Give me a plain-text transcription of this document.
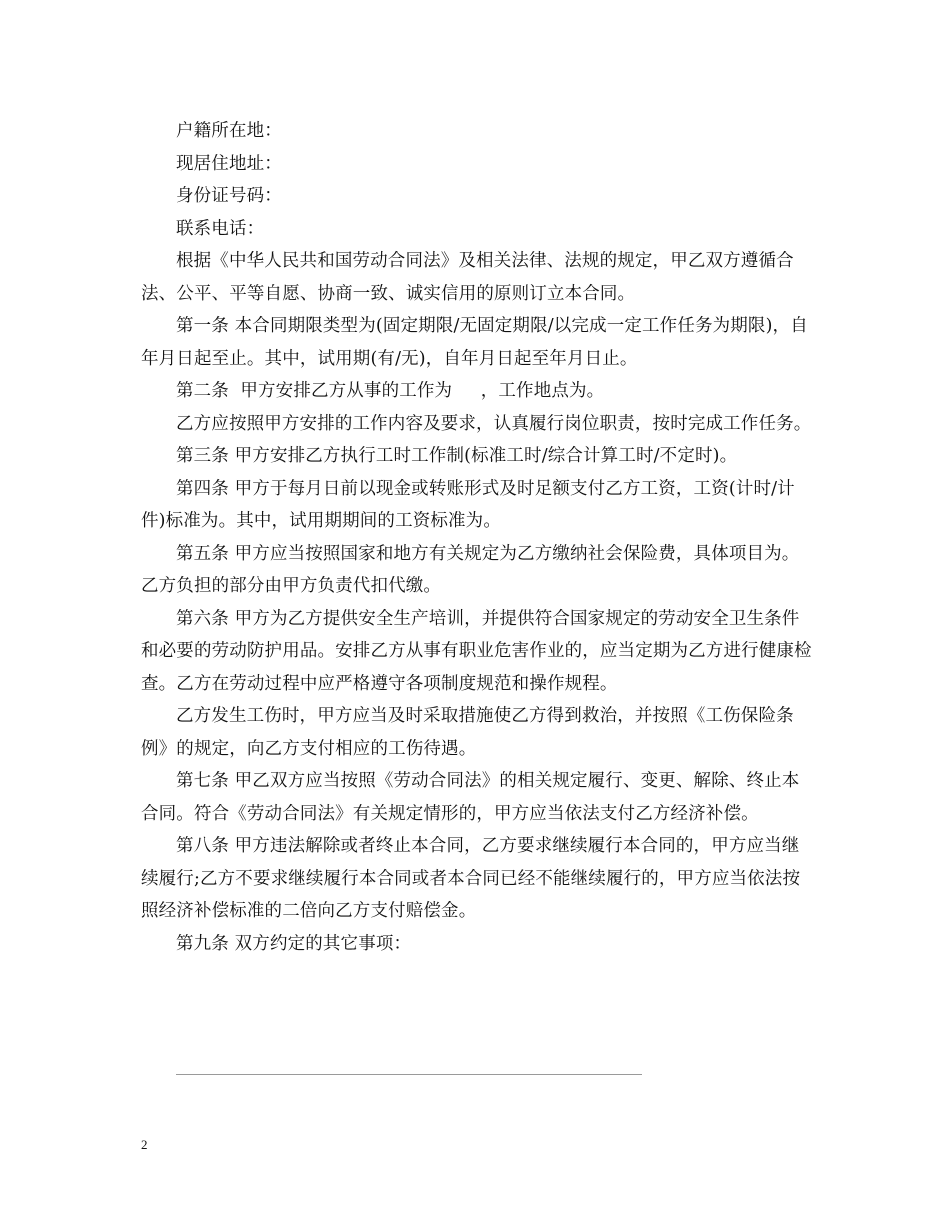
户籍所在地：

现居住地址：

身份证号码：

联系电话：

根据《中华人民共和国劳动合同法》及相关法律、法规的规定，甲乙双方遵循合法、公平、平等自愿、协商一致、诚实信用的原则订立本合同。

第一条 本合同期限类型为(固定期限/无固定期限/以完成一定工作任务为期限)，自年月日起至止。其中，试用期(有/无)，自年月日起至年月日止。

第二条  甲方安排乙方从事的工作为     ，工作地点为。

乙方应按照甲方安排的工作内容及要求，认真履行岗位职责，按时完成工作任务。

第三条 甲方安排乙方执行工时工作制(标准工时/综合计算工时/不定时)。

第四条 甲方于每月日前以现金或转账形式及时足额支付乙方工资，工资(计时/计件)标准为。其中，试用期期间的工资标准为。

第五条 甲方应当按照国家和地方有关规定为乙方缴纳社会保险费，具体项目为。乙方负担的部分由甲方负责代扣代缴。

第六条 甲方为乙方提供安全生产培训，并提供符合国家规定的劳动安全卫生条件和必要的劳动防护用品。安排乙方从事有职业危害作业的，应当定期为乙方进行健康检查。乙方在劳动过程中应严格遵守各项制度规范和操作规程。

乙方发生工伤时，甲方应当及时采取措施使乙方得到救治，并按照《工伤保险条例》的规定，向乙方支付相应的工伤待遇。

第七条 甲乙双方应当按照《劳动合同法》的相关规定履行、变更、解除、终止本合同。符合《劳动合同法》有关规定情形的，甲方应当依法支付乙方经济补偿。

第八条 甲方违法解除或者终止本合同，乙方要求继续履行本合同的，甲方应当继续履行;乙方不要求继续履行本合同或者本合同已经不能继续履行的，甲方应当依法按照经济补偿标准的二倍向乙方支付赔偿金。

第九条 双方约定的其它事项：

2
